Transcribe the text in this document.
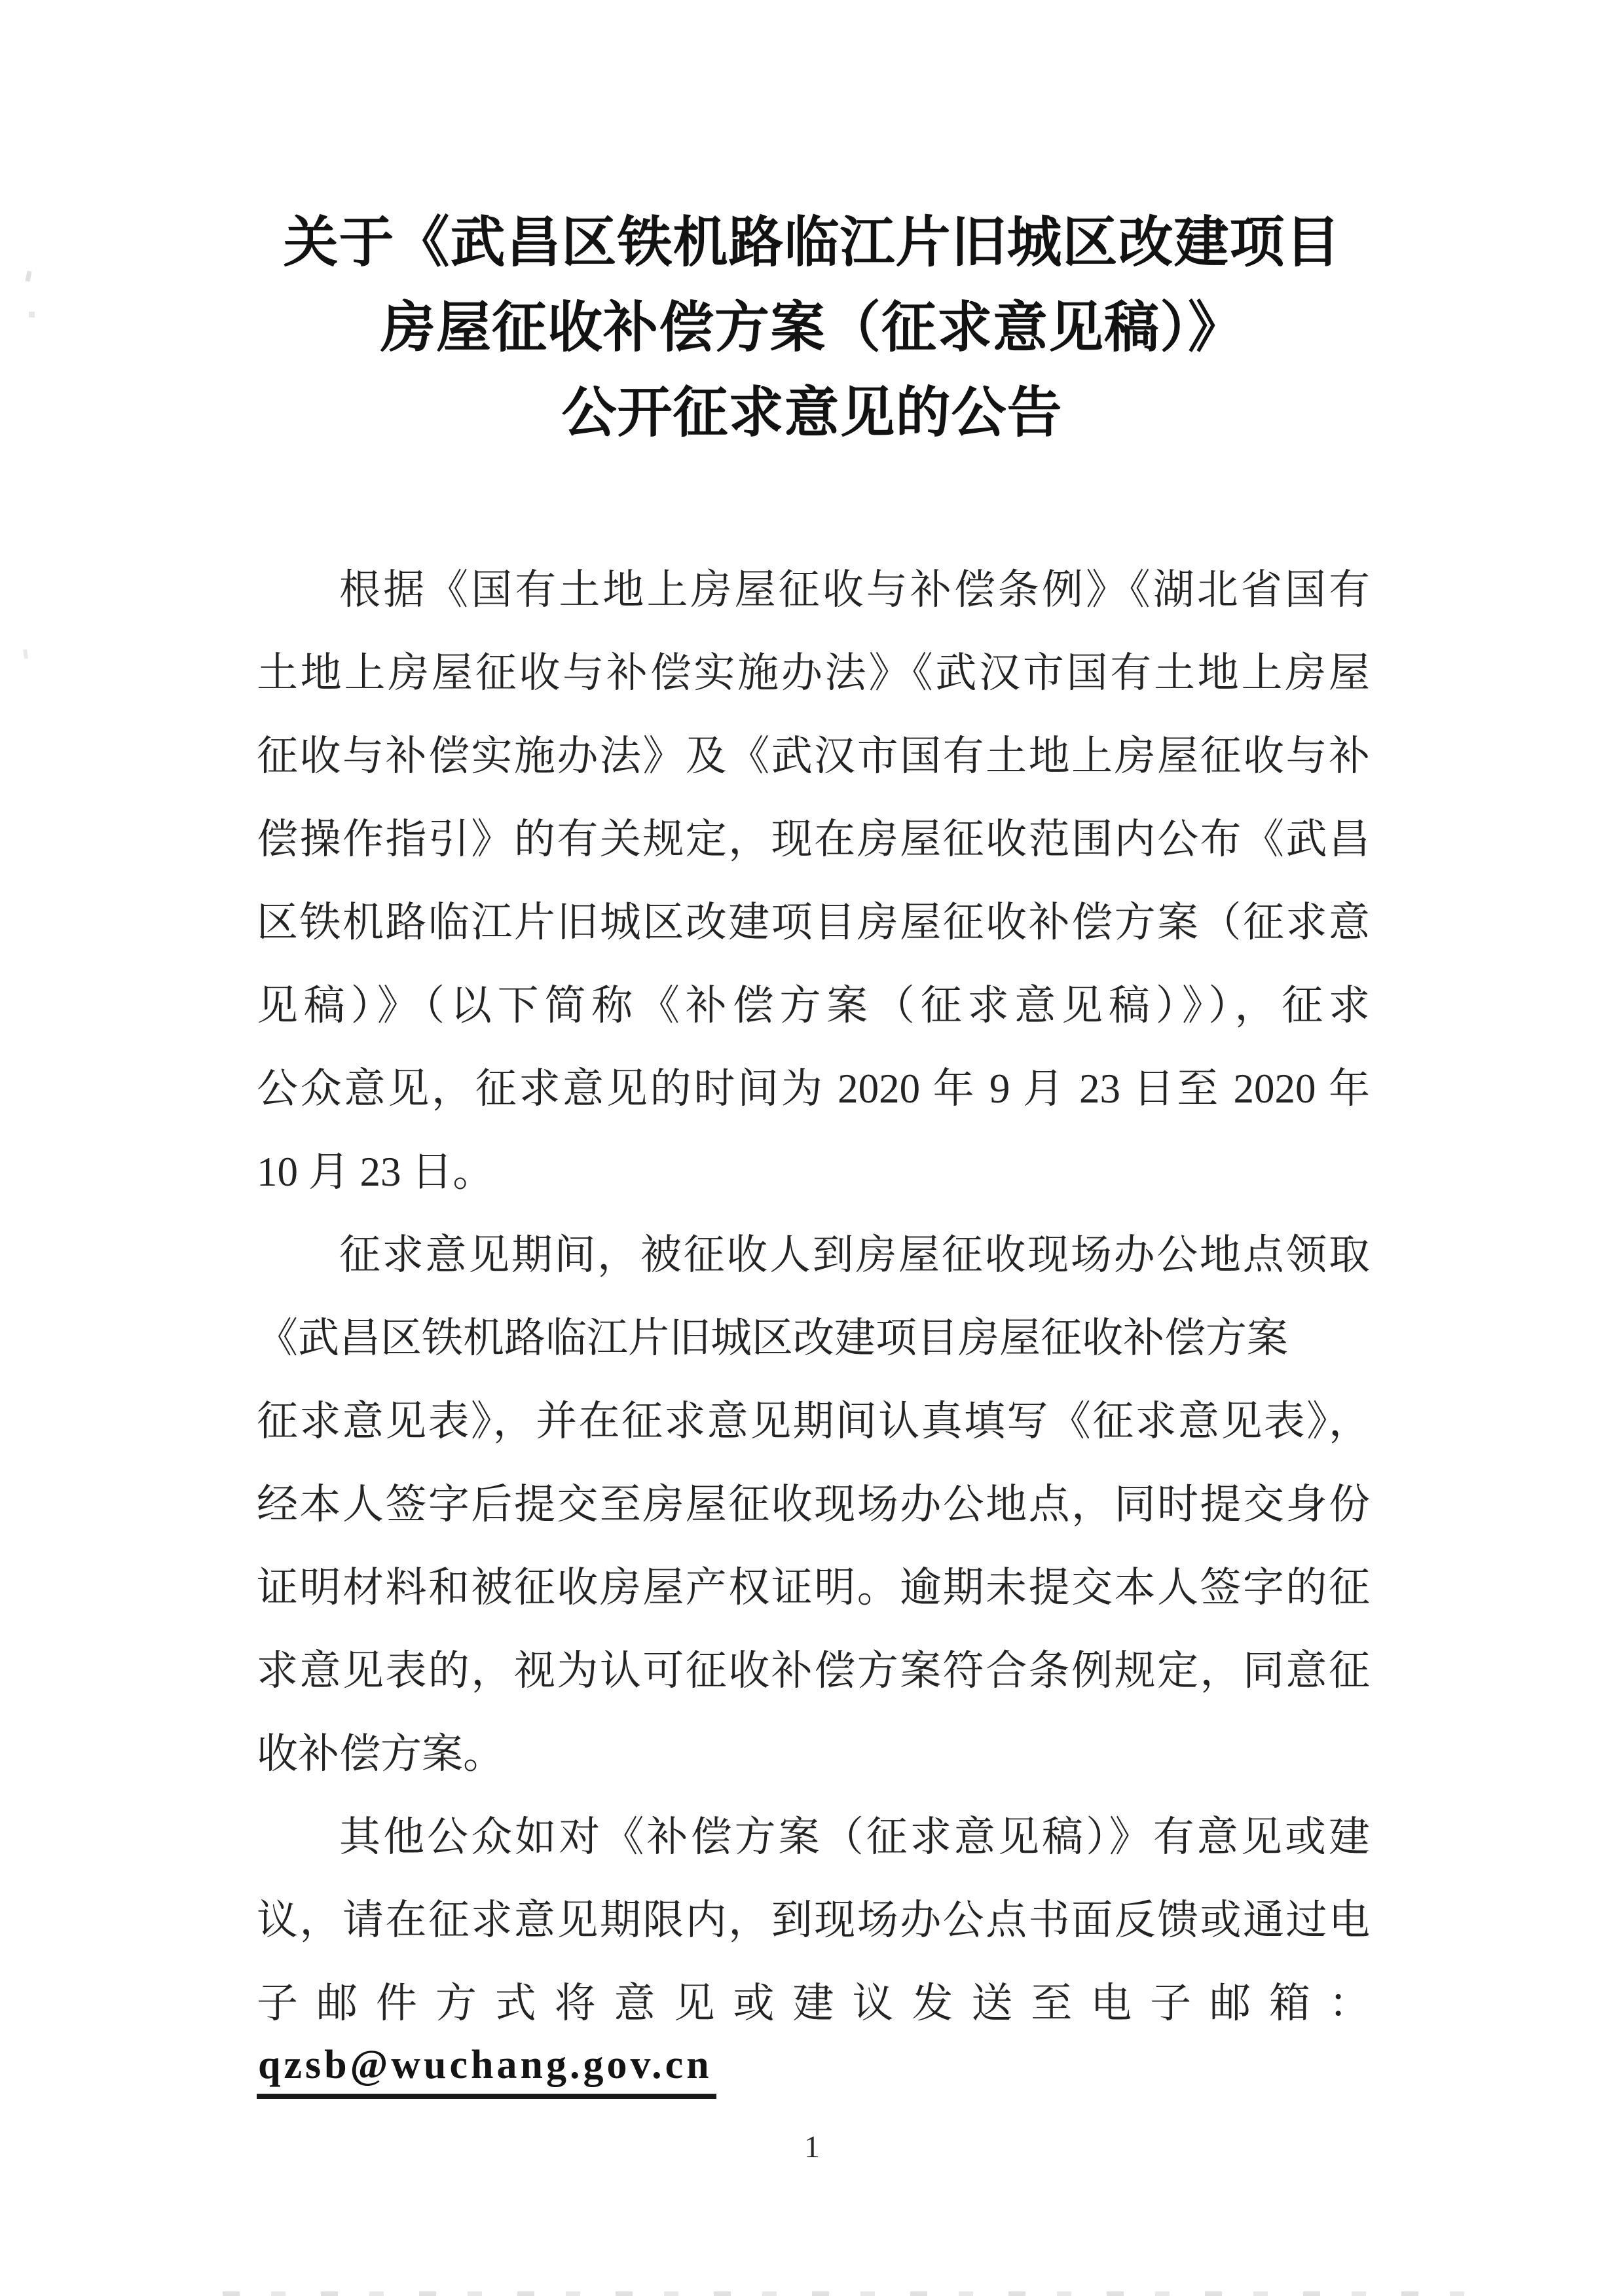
关于《武昌区铁机路临江片旧城区改建项目
房屋征收补偿方案（征求意见稿）》
公开征求意见的公告
根据《国有土地上房屋征收与补偿条例》《湖北省国有
土地上房屋征收与补偿实施办法》《武汉市国有土地上房屋
征收与补偿实施办法》及《武汉市国有土地上房屋征收与补
偿操作指引》的有关规定，现在房屋征收范围内公布《武昌
区铁机路临江片旧城区改建项目房屋征收补偿方案（征求意
见稿）》（以下简称《补偿方案（征求意见稿）》），征求
公众意见，征求意见的时间为 2020 年 9 月 23 日至 2020 年
10 月 23 日。
征求意见期间，被征收人到房屋征收现场办公地点领取
《武昌区铁机路临江片旧城区改建项目房屋征收补偿方案
征求意见表》，并在征求意见期间认真填写《征求意见表》，
经本人签字后提交至房屋征收现场办公地点，同时提交身份
证明材料和被征收房屋产权证明。逾期未提交本人签字的征
求意见表的，视为认可征收补偿方案符合条例规定，同意征
收补偿方案。
其他公众如对《补偿方案（征求意见稿）》有意见或建
议，请在征求意见期限内，到现场办公点书面反馈或通过电
子邮件方式将意见或建议发送至电子邮箱：
qzsb@wuchang.gov.cn
1
